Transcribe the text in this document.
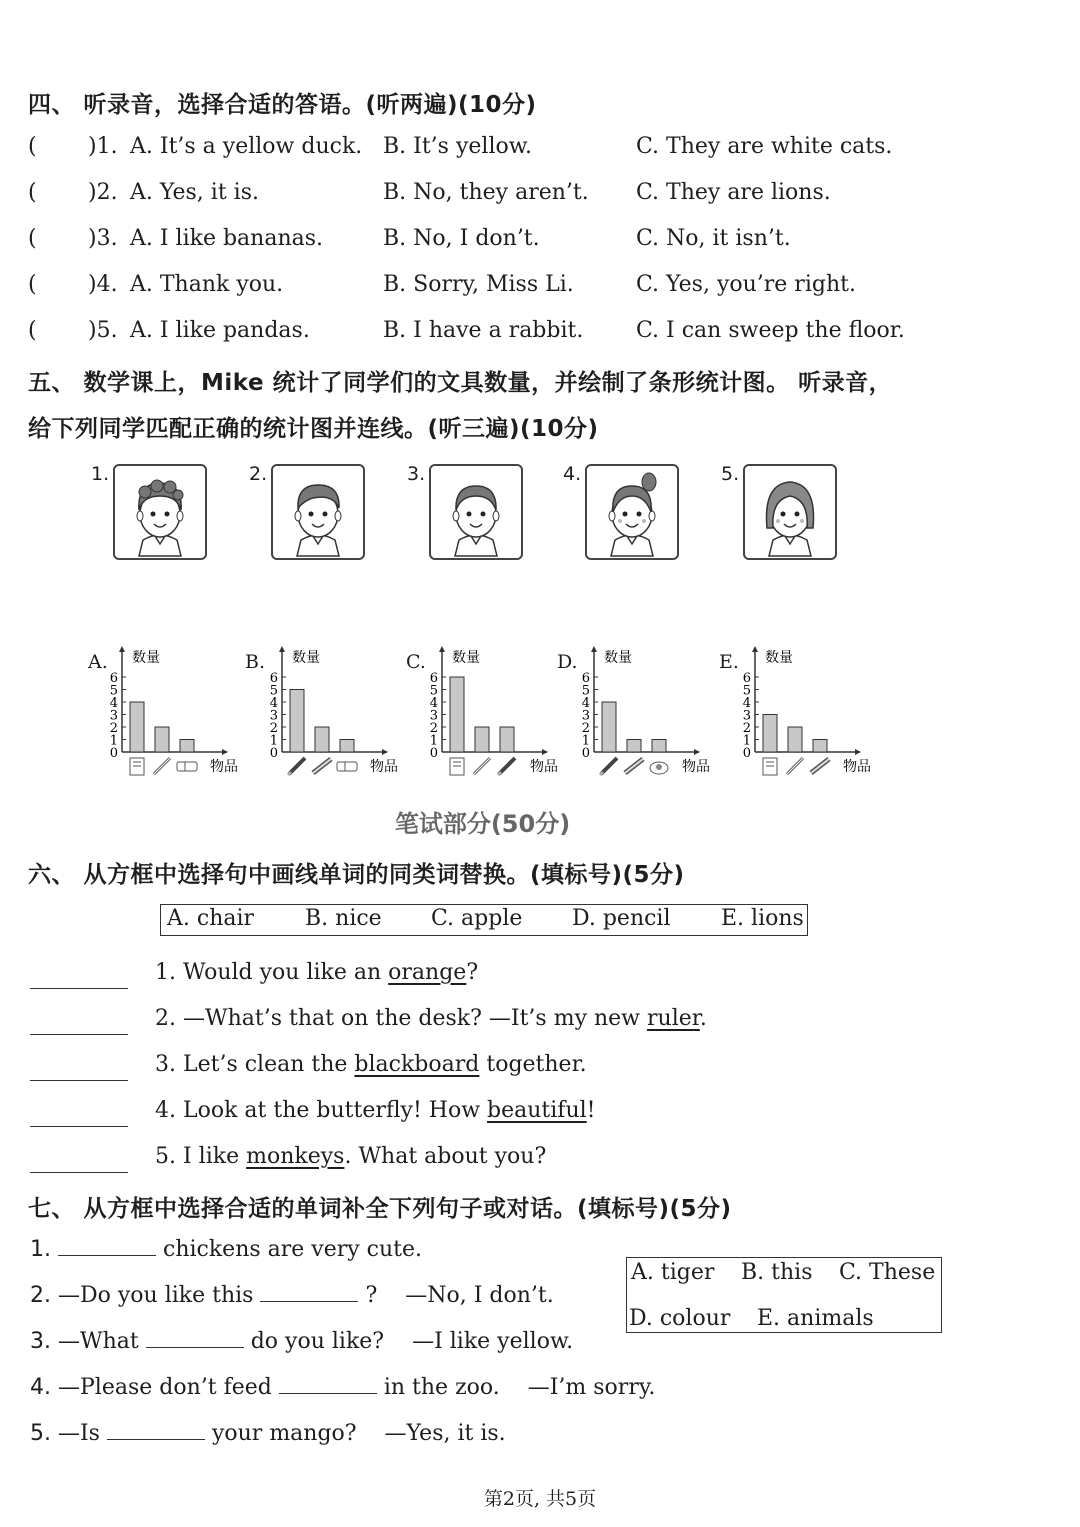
四、 听录音，选择合适的答语。(听两遍)(10分)
( )1. A. It’s a yellow duck. B. It’s yellow.	C. They are white cats.
( )2. A. Yes, it is.	B. No, they aren’t. C. They are lions.
( )3. A. I like bananas.	B. No, I don’t.	C. No, it isn’t.
( )4. A. Thank you.	B. Sorry, Miss Li.	C. Yes, you’re right.
( )5. A. I like pandas.	B. I have a rabbit. C. I can sweep the floor.
五、 数学课上，Mike 统计了同学们的文具数量，并绘制了条形统计图。 听录音，
给下列同学匹配正确的统计图并连线。(听三遍)(10分)
1.	2.	3.	4.	5.
A.
0
1
2
3
4
5
6
数量
物品
B.
0
1
2
3
4
5
6
数量
物品
C.
0
1
2
3
4
5
6
数量
物品
D.
0
1
2
3
4
5
6
数量
物品
E.
0
1
2
3
4
5
6
数量
物品
笔试部分(50分)
六、 从方框中选择句中画线单词的同类词替换。(填标号)(5分)
A. chair B. nice C. apple D. pencil E. lions
1. Would you like an orange?
2. —What’s that on the desk? —It’s my new ruler.
3. Let’s clean the blackboard together.
4. Look at the butterfly! How beautiful!
5. I like monkeys. What about you?
七、 从方框中选择合适的单词补全下列句子或对话。(填标号)(5分)
A. tiger B. this C. These
D. colour E. animals
1.	chickens are very cute.
2. —Do you like this	?    —No, I don’t.
3. —What	do you like?    —I like yellow.
4. —Please don’t feed	in the zoo.    —I’m sorry.
5. —Is	your mango?    —Yes, it is.
第2页, 共5页
